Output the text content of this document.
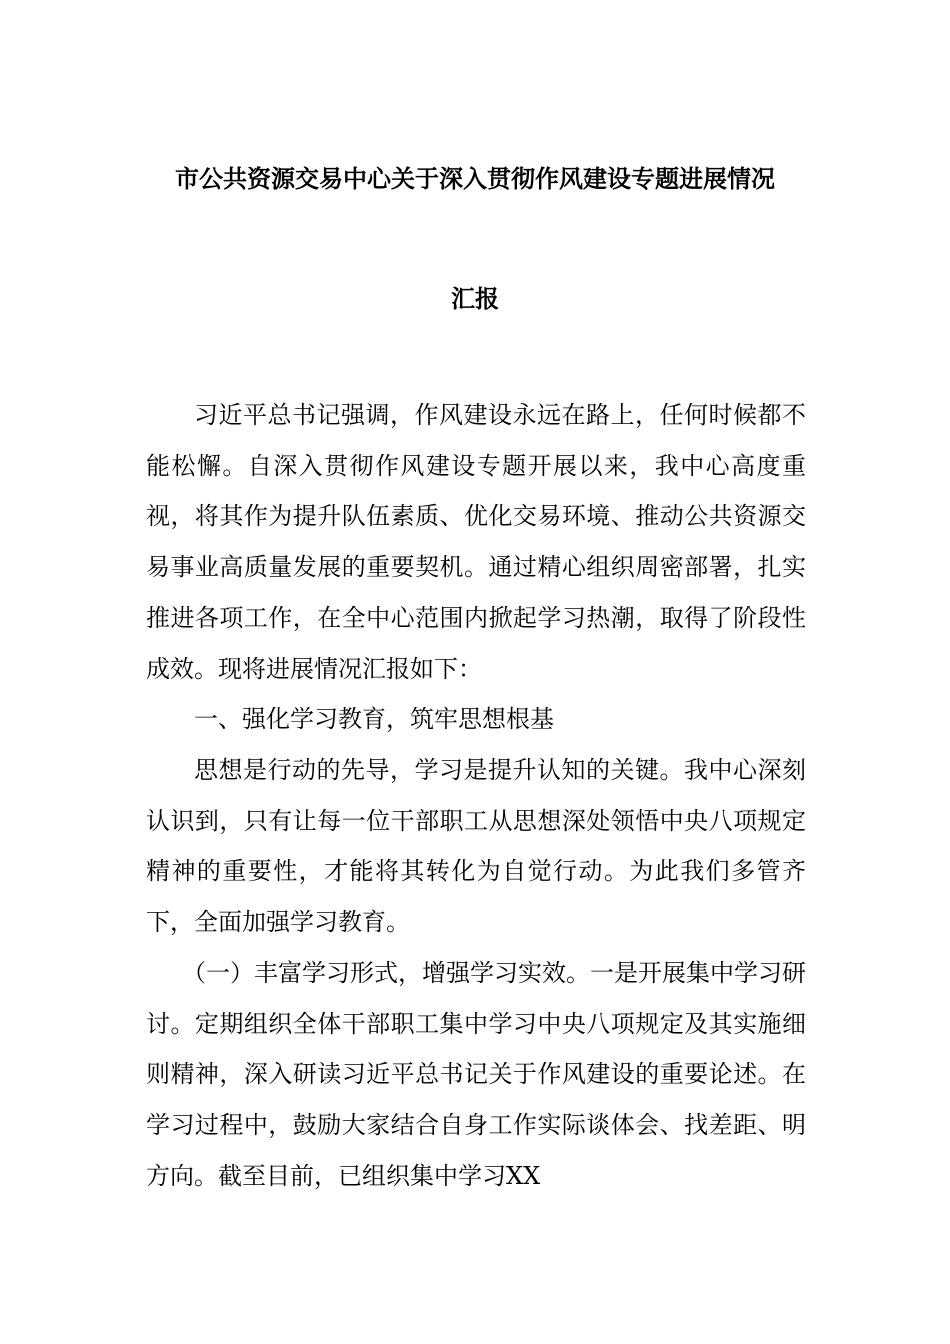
市公共资源交易中心关于深入贯彻作风建设专题进展情况
汇报

习近平总书记强调，作风建设永远在路上，任何时候都不能松懈。自深入贯彻作风建设专题开展以来，我中心高度重视，将其作为提升队伍素质、优化交易环境、推动公共资源交易事业高质量发展的重要契机。通过精心组织周密部署，扎实推进各项工作，在全中心范围内掀起学习热潮，取得了阶段性成效。现将进展情况汇报如下：

一、强化学习教育，筑牢思想根基

思想是行动的先导，学习是提升认知的关键。我中心深刻认识到，只有让每一位干部职工从思想深处领悟中央八项规定精神的重要性，才能将其转化为自觉行动。为此我们多管齐下，全面加强学习教育。

（一）丰富学习形式，增强学习实效。一是开展集中学习研讨。定期组织全体干部职工集中学习中央八项规定及其实施细则精神，深入研读习近平总书记关于作风建设的重要论述。在学习过程中，鼓励大家结合自身工作实际谈体会、找差距、明方向。截至目前，已组织集中学习XX
